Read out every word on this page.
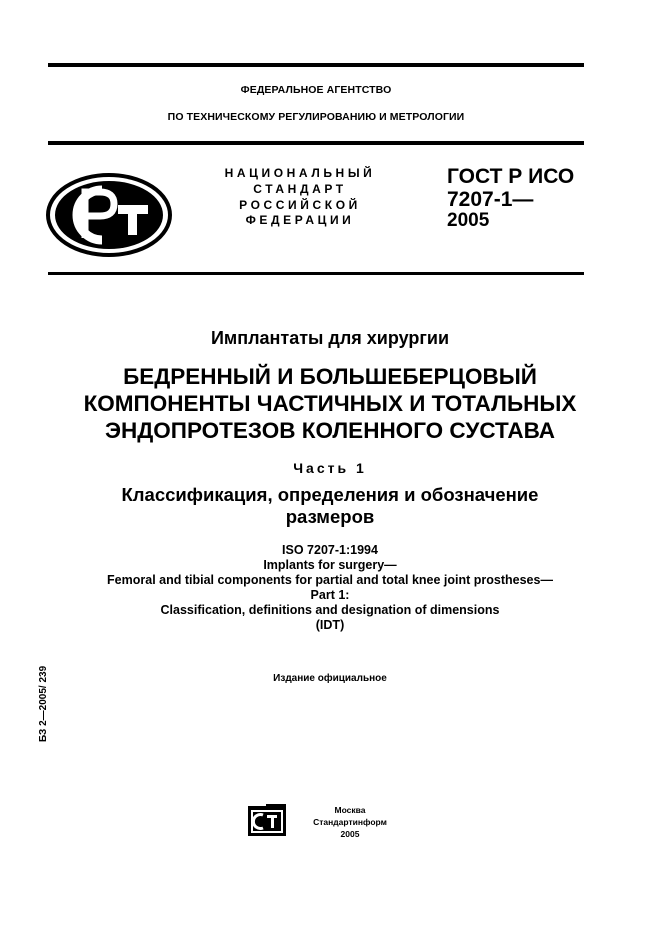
ФЕДЕРАЛЬНОЕ АГЕНТСТВО
ПО ТЕХНИЧЕСКОМУ РЕГУЛИРОВАНИЮ И МЕТРОЛОГИИ
НАЦИОНАЛЬНЫЙ
СТАНДАРТ
РОССИЙСКОЙ
ФЕДЕРАЦИИ
ГОСТ Р ИСО
7207-1—
2005
Имплантаты для хирургии
БЕДРЕННЫЙ И БОЛЬШЕБЕРЦОВЫЙ
КОМПОНЕНТЫ ЧАСТИЧНЫХ И ТОТАЛЬНЫХ
ЭНДОПРОТЕЗОВ КОЛЕННОГО СУСТАВА
Часть 1
Классификация, определения и обозначение
размеров
ISO 7207-1:1994
Implants for surgery—
Femoral and tibial components for partial and total knee joint prostheses—
Part 1:
Classification, definitions and designation of dimensions
(IDT)
Издание официальное
БЗ 2—2005/ 239
Москва
Стандартинформ
2005
